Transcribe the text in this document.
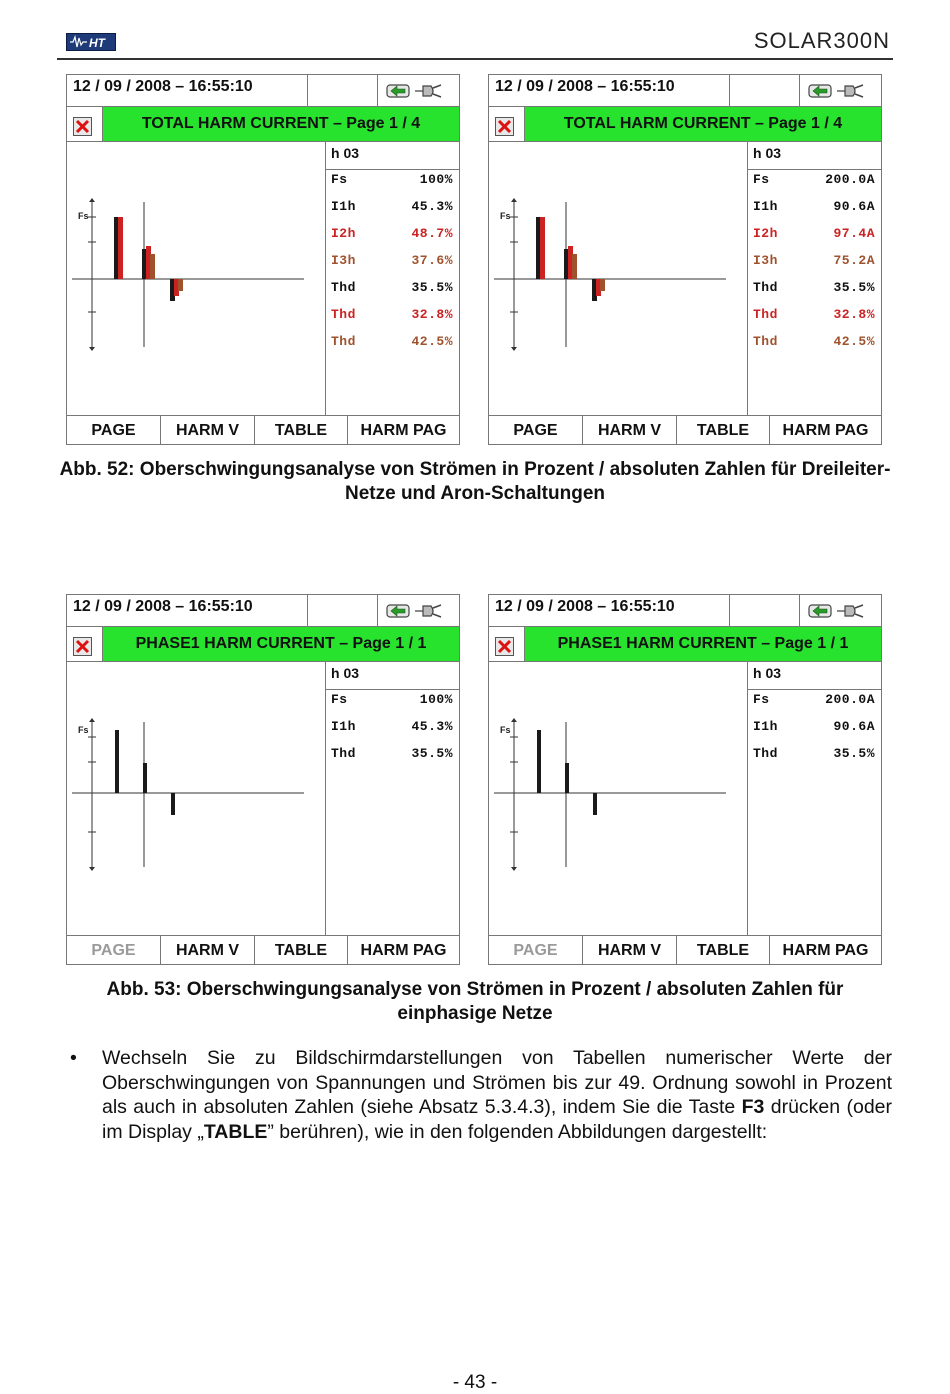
HT	SOLAR300N
12 / 09 / 2008 – 16:55:10
TOTAL HARM CURRENT – Page 1 / 4
Fs
h 03
Fs	100%
I1h	45.3%
I2h	48.7%
I3h	37.6%
Thd	35.5%
Thd	32.8%
Thd	42.5%
PAGE	HARM V	TABLE	HARM PAG
12 / 09 / 2008 – 16:55:10
TOTAL HARM CURRENT – Page 1 / 4
Fs
h 03
Fs	200.0A
I1h	90.6A
I2h	97.4A
I3h	75.2A
Thd	35.5%
Thd	32.8%
Thd	42.5%
PAGE	HARM V	TABLE	HARM PAG
12 / 09 / 2008 – 16:55:10
PHASE1 HARM CURRENT – Page 1 / 1
Fs
h 03
Fs	100%
I1h	45.3%
Thd	35.5%
PAGE	HARM V	TABLE	HARM PAG
12 / 09 / 2008 – 16:55:10
PHASE1 HARM CURRENT – Page 1 / 1
Fs
h 03
Fs	200.0A
I1h	90.6A
Thd	35.5%
PAGE	HARM V	TABLE	HARM PAG
Abb. 52: Oberschwingungsanalyse von Strömen in Prozent / absoluten Zahlen für Dreileiter-Netze und Aron-Schaltungen
Abb. 53: Oberschwingungsanalyse von Strömen in Prozent / absoluten Zahlen für einphasige Netze
• Wechseln Sie zu Bildschirmdarstellungen von Tabellen numerischer Werte der Oberschwingungen von Spannungen und Strömen bis zur 49. Ordnung sowohl in Prozent als auch in absoluten Zahlen (siehe Absatz 5.3.4.3), indem Sie die Taste F3 drücken (oder im Display „TABLE” berühren), wie in den folgenden Abbildungen dargestellt:
- 43 -
